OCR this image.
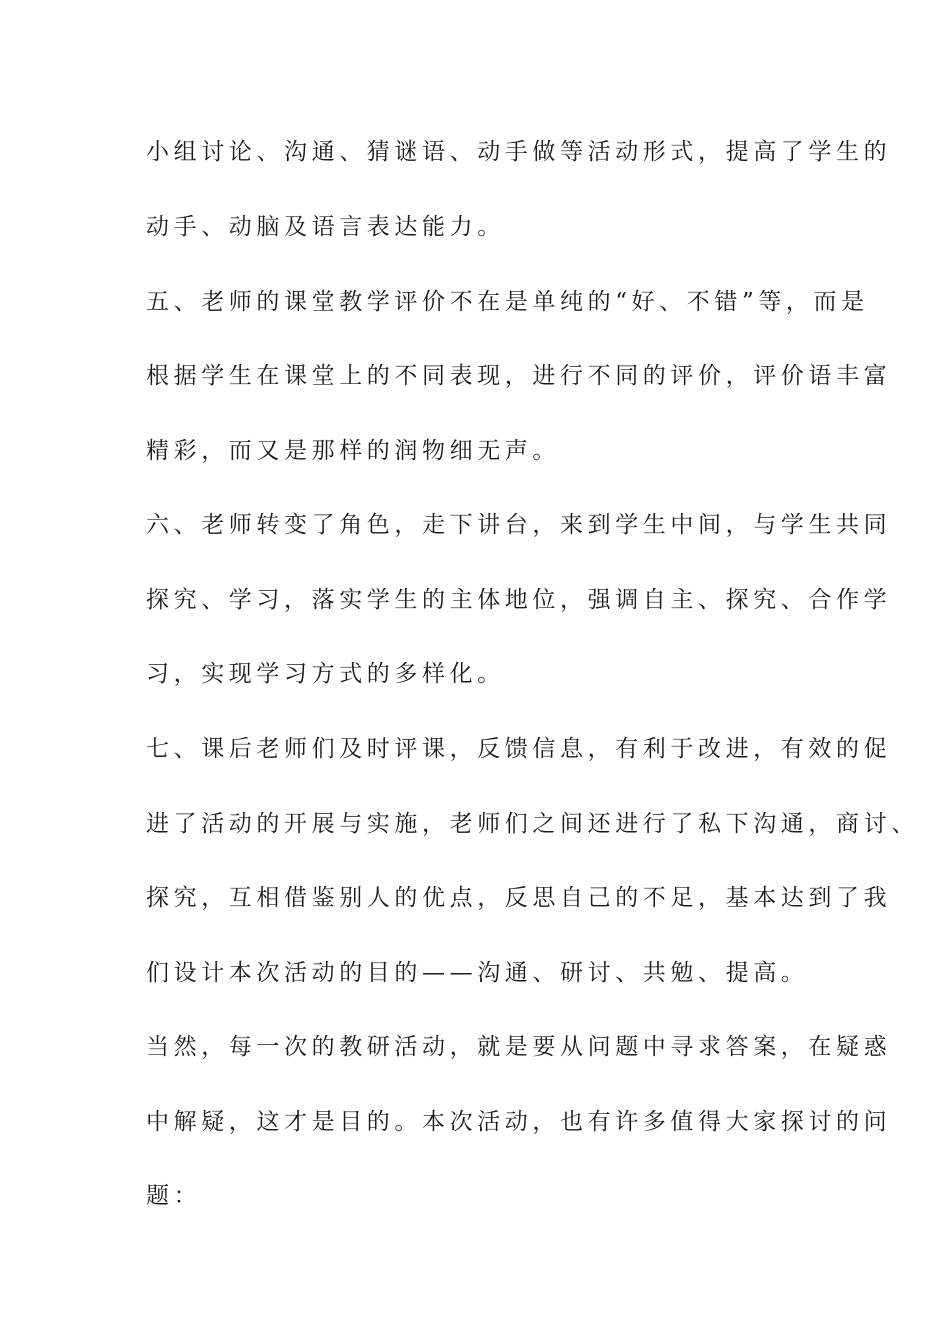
小组讨论、沟通、猜谜语、动手做等活动形式，提高了学生的
动手、动脑及语言表达能力。
五、老师的课堂教学评价不在是单纯的“好、不错”等，而是
根据学生在课堂上的不同表现，进行不同的评价，评价语丰富
精彩，而又是那样的润物细无声。
六、老师转变了角色，走下讲台，来到学生中间，与学生共同
探究、学习，落实学生的主体地位，强调自主、探究、合作学
习，实现学习方式的多样化。
七、课后老师们及时评课，反馈信息，有利于改进，有效的促
进了活动的开展与实施，老师们之间还进行了私下沟通，商讨、
探究，互相借鉴别人的优点，反思自己的不足，基本达到了我
们设计本次活动的目的——沟通、研讨、共勉、提高。
当然，每一次的教研活动，就是要从问题中寻求答案，在疑惑
中解疑，这才是目的。本次活动，也有许多值得大家探讨的问
题：
